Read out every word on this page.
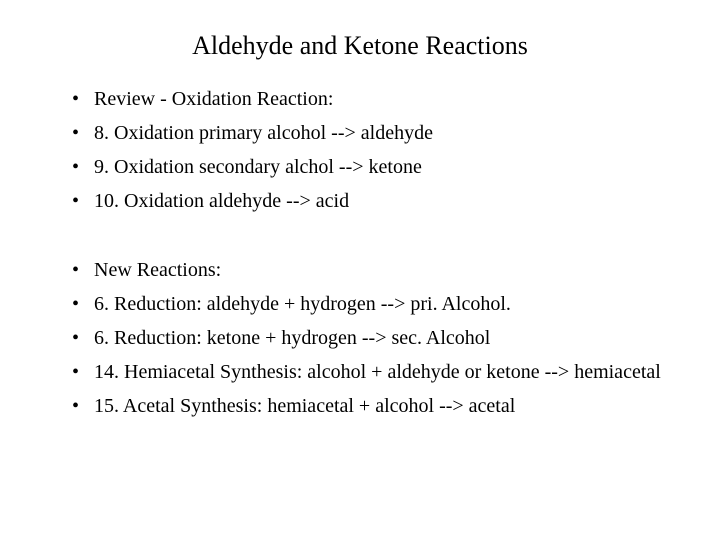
Aldehyde and Ketone Reactions
• Review - Oxidation Reaction:
• 8. Oxidation primary alcohol --> aldehyde
• 9. Oxidation secondary alchol --> ketone
• 10. Oxidation aldehyde --> acid
• New Reactions:
• 6. Reduction: aldehyde + hydrogen --> pri. Alcohol.
• 6. Reduction: ketone + hydrogen --> sec. Alcohol
• 14. Hemiacetal Synthesis: alcohol + aldehyde or ketone --> hemiacetal
• 15. Acetal Synthesis: hemiacetal + alcohol --> acetal
